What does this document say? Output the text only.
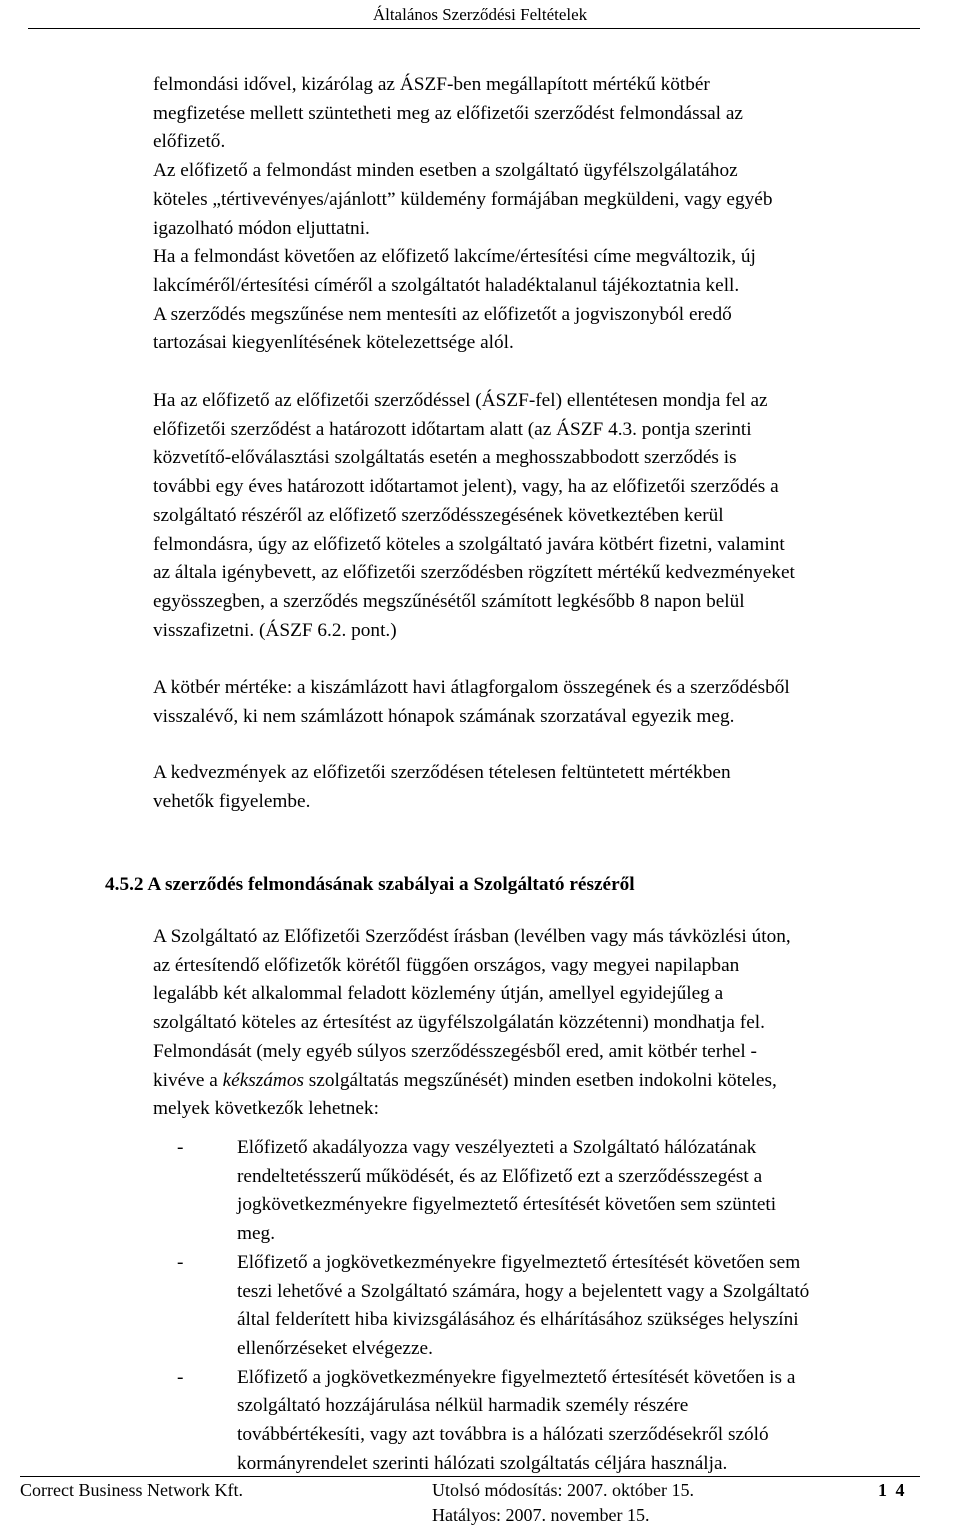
Általános Szerződési Feltételek
felmondási idővel, kizárólag az ÁSZF-ben megállapított mértékű kötbér
megfizetése mellett szüntetheti meg az előfizetői szerződést felmondással az
előfizető.
Az előfizető a felmondást minden esetben a szolgáltató ügyfélszolgálatához
köteles „tértivevényes/ajánlott” küldemény formájában megküldeni, vagy egyéb
igazolható módon eljuttatni.
Ha a felmondást követően az előfizető lakcíme/értesítési címe megváltozik, új
lakcíméről/értesítési címéről a szolgáltatót haladéktalanul tájékoztatnia kell.
A szerződés megszűnése nem mentesíti az előfizetőt a jogviszonyból eredő
tartozásai kiegyenlítésének kötelezettsége alól.
Ha az előfizető az előfizetői szerződéssel (ÁSZF-fel) ellentétesen mondja fel az
előfizetői szerződést a határozott időtartam alatt (az ÁSZF 4.3. pontja szerinti
közvetítő-előválasztási szolgáltatás esetén a meghosszabbodott szerződés is
további egy éves határozott időtartamot jelent), vagy, ha az előfizetői szerződés a
szolgáltató részéről az előfizető szerződésszegésének következtében kerül
felmondásra, úgy az előfizető köteles a szolgáltató javára kötbért fizetni, valamint
az általa igénybevett, az előfizetői szerződésben rögzített mértékű kedvezményeket
egyösszegben, a szerződés megszűnésétől számított legkésőbb 8 napon belül
visszafizetni. (ÁSZF 6.2. pont.)
A kötbér mértéke: a kiszámlázott havi átlagforgalom összegének és a szerződésből
visszalévő, ki nem számlázott hónapok számának szorzatával egyezik meg.
A kedvezmények az előfizetői szerződésen tételesen feltüntetett mértékben
vehetők figyelembe.
4.5.2 A szerződés felmondásának szabályai a Szolgáltató részéről
A Szolgáltató az Előfizetői Szerződést írásban (levélben vagy más távközlési úton,
az értesítendő előfizetők körétől függően országos, vagy megyei napilapban
legalább két alkalommal feladott közlemény útján, amellyel egyidejűleg a
szolgáltató köteles az értesítést az ügyfélszolgálatán közzétenni) mondhatja fel.
Felmondását (mely egyéb súlyos szerződésszegésből ered, amit kötbér terhel -
kivéve a kékszámos szolgáltatás megszűnését) minden esetben indokolni köteles,
melyek következők lehetnek:
-	Előfizető akadályozza vagy veszélyezteti a Szolgáltató hálózatának
rendeltetésszerű működését, és az Előfizető ezt a szerződésszegést a
jogkövetkezményekre figyelmeztető értesítését követően sem szünteti
meg.
-	Előfizető a jogkövetkezményekre figyelmeztető értesítését követően sem
teszi lehetővé a Szolgáltató számára, hogy a bejelentett vagy a Szolgáltató
által felderített hiba kivizsgálásához és elhárításához szükséges helyszíni
ellenőrzéseket elvégezze.
-	Előfizető a jogkövetkezményekre figyelmeztető értesítését követően is a
szolgáltató hozzájárulása nélkül harmadik személy részére
továbbértékesíti, vagy azt továbbra is a hálózati szerződésekről szóló
kormányrendelet szerinti hálózati szolgáltatás céljára használja.
Correct Business Network Kft.	Utolsó módosítás: 2007. október 15.	1 4
Hatályos: 2007. november 15.
